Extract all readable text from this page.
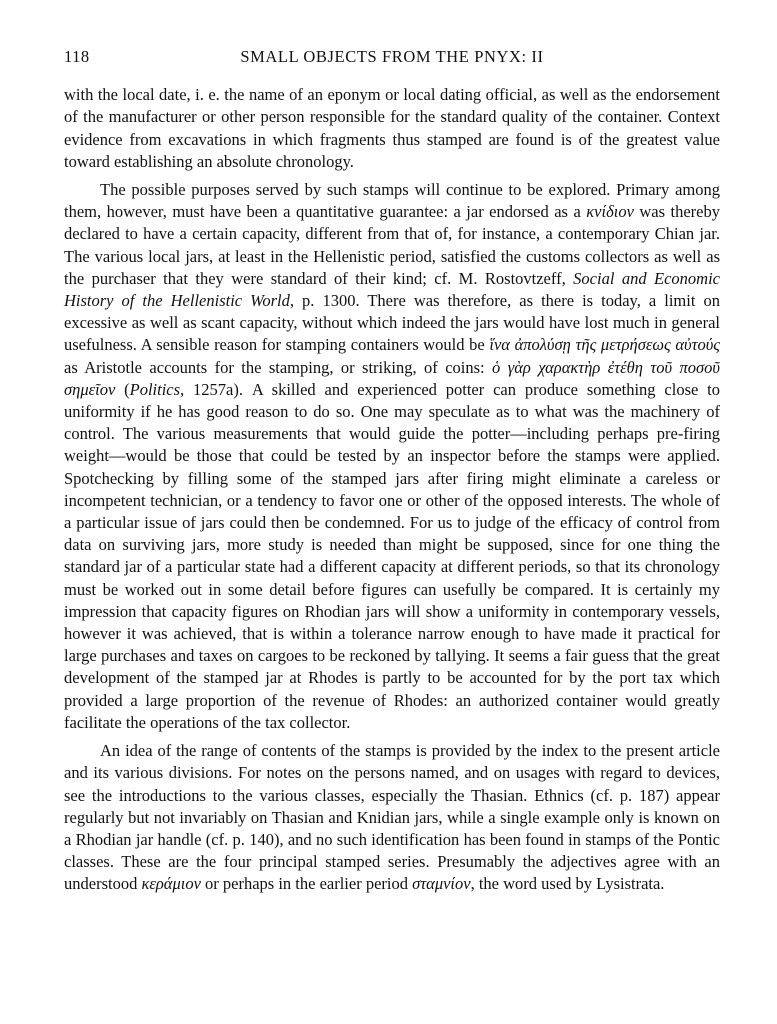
118	SMALL OBJECTS FROM THE PNYX: II

with the local date, i. e. the name of an eponym or local dating official, as well as the endorsement of the manufacturer or other person responsible for the standard quality of the container. Context evidence from excavations in which fragments thus stamped are found is of the greatest value toward establishing an absolute chronology.

The possible purposes served by such stamps will continue to be explored. Primary among them, however, must have been a quantitative guarantee: a jar endorsed as a κνίδιον was thereby declared to have a certain capacity, different from that of, for instance, a contemporary Chian jar. The various local jars, at least in the Hellenistic period, satisfied the customs collectors as well as the purchaser that they were standard of their kind; cf. M. Rostovtzeff, Social and Economic History of the Hellenistic World, p. 1300. There was therefore, as there is today, a limit on excessive as well as scant capacity, without which indeed the jars would have lost much in general usefulness. A sensible reason for stamping containers would be ἵνα ἀπολύσῃ τῆς μετρήσεως αὐτούς as Aristotle accounts for the stamping, or striking, of coins: ὁ γὰρ χαρακτὴρ ἐτέθη τοῦ ποσοῦ σημεῖον (Politics, 1257a). A skilled and experienced potter can produce something close to uniformity if he has good reason to do so. One may speculate as to what was the machinery of control. The various measurements that would guide the potter—including perhaps pre-firing weight—would be those that could be tested by an inspector before the stamps were applied. Spotchecking by filling some of the stamped jars after firing might eliminate a careless or incompetent technician, or a tendency to favor one or other of the opposed interests. The whole of a particular issue of jars could then be condemned. For us to judge of the efficacy of control from data on surviving jars, more study is needed than might be supposed, since for one thing the standard jar of a particular state had a different capacity at different periods, so that its chronology must be worked out in some detail before figures can usefully be compared. It is certainly my impression that capacity figures on Rhodian jars will show a uniformity in contemporary vessels, however it was achieved, that is within a tolerance narrow enough to have made it practical for large purchases and taxes on cargoes to be reckoned by tallying. It seems a fair guess that the great development of the stamped jar at Rhodes is partly to be accounted for by the port tax which provided a large proportion of the revenue of Rhodes: an authorized container would greatly facilitate the operations of the tax collector.

An idea of the range of contents of the stamps is provided by the index to the present article and its various divisions. For notes on the persons named, and on usages with regard to devices, see the introductions to the various classes, especially the Thasian. Ethnics (cf. p. 187) appear regularly but not invariably on Thasian and Knidian jars, while a single example only is known on a Rhodian jar handle (cf. p. 140), and no such identification has been found in stamps of the Pontic classes. These are the four principal stamped series. Presumably the adjectives agree with an understood κεράμιον or perhaps in the earlier period σταμνίον, the word used by Lysistrata.
